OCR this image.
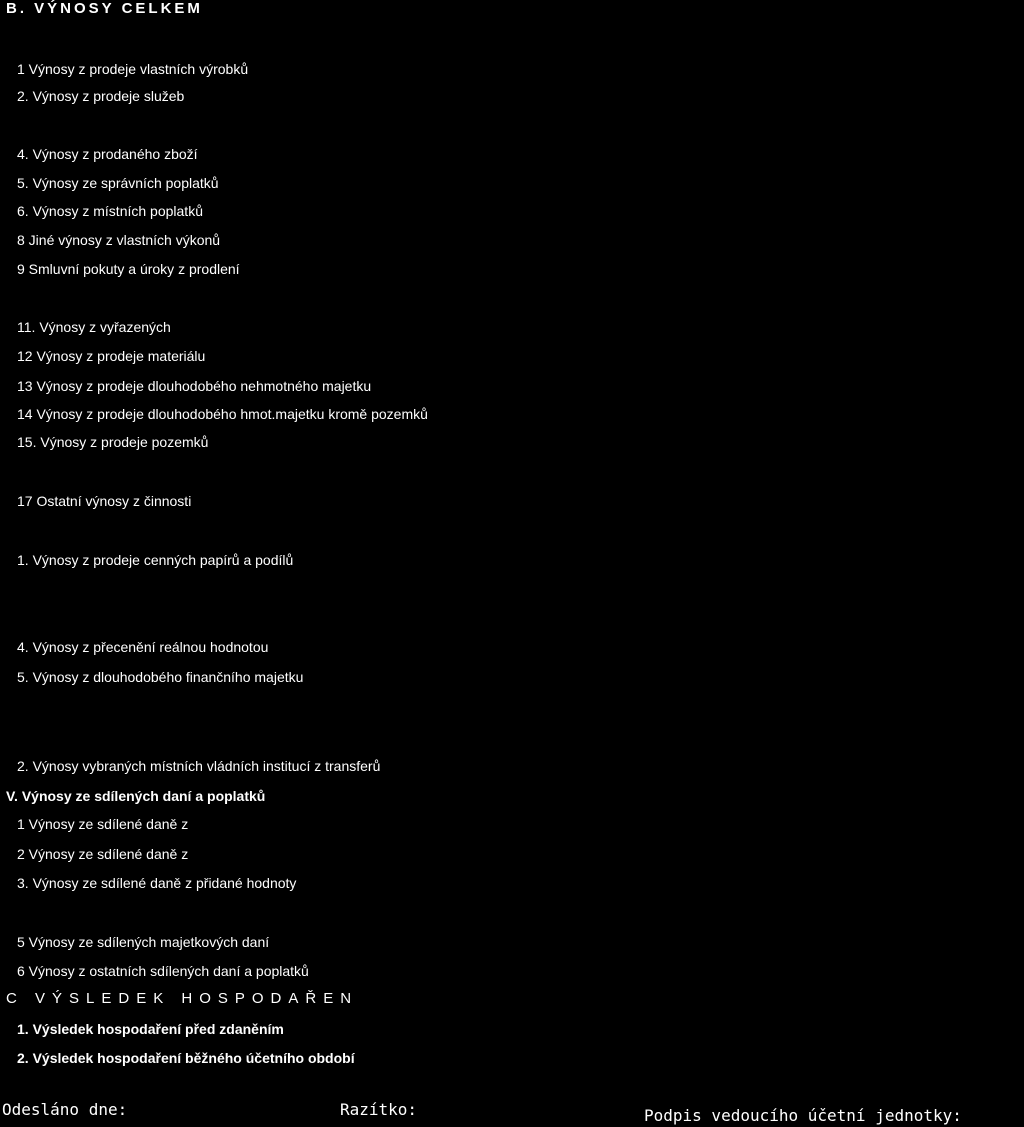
B. VÝNOSY CELKEM
1 Výnosy z prodeje vlastních výrobků
2. Výnosy z prodeje služeb
4. Výnosy z prodaného zboží
5. Výnosy ze správních poplatků
6. Výnosy z místních poplatků
8 Jiné výnosy z vlastních výkonů
9 Smluvní pokuty a úroky z prodlení
11. Výnosy z vyřazených
12 Výnosy z prodeje materiálu
13 Výnosy z prodeje dlouhodobého nehmotného majetku
14 Výnosy z prodeje dlouhodobého hmot.majetku kromě pozemků
15. Výnosy z prodeje pozemků
17 Ostatní výnosy z činnosti
1. Výnosy z prodeje cenných papírů a podílů
4. Výnosy z přecenění reálnou hodnotou
5. Výnosy z dlouhodobého finančního majetku
2. Výnosy vybraných místních vládních institucí z transferů
V. Výnosy ze sdílených daní a poplatků
1 Výnosy ze sdílené daně z
2 Výnosy ze sdílené daně z
3. Výnosy ze sdílené daně z přidané hodnoty
5 Výnosy ze sdílených majetkových daní
6 Výnosy z ostatních sdílených daní a poplatků
C VÝSLEDEK HOSPODAŘEN
1. Výsledek hospodaření před zdaněním
2. Výsledek hospodaření běžného účetního období
Odesláno dne:	Razítko:	Podpis vedoucího účetní jednotky:
